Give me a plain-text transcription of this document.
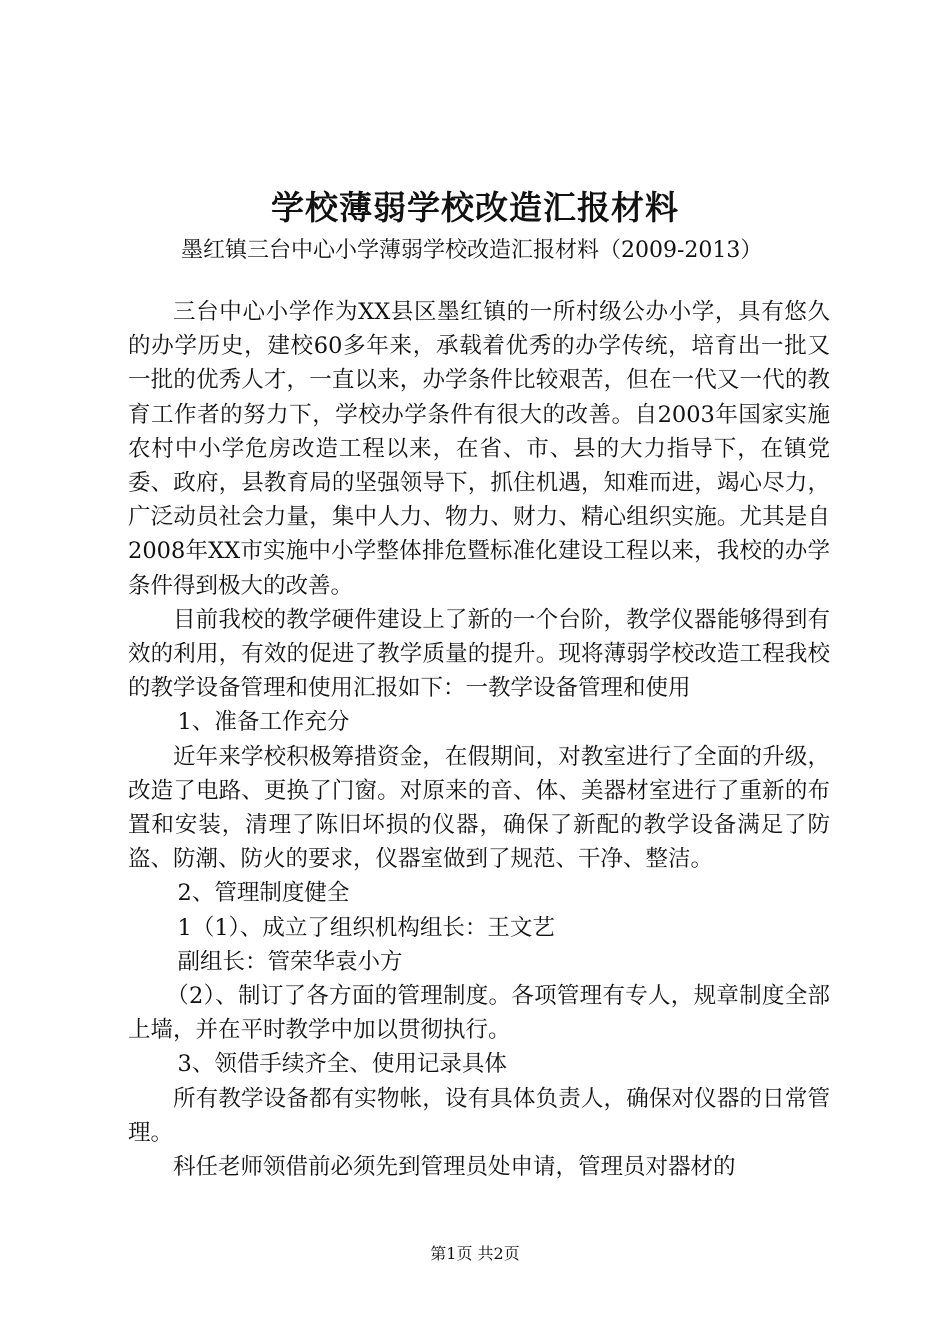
学校薄弱学校改造汇报材料
墨红镇三台中心小学薄弱学校改造汇报材料（2009-2013）

三台中心小学作为XX县区墨红镇的一所村级公办小学，具有悠久的办学历史，建校60多年来，承载着优秀的办学传统，培育出一批又一批的优秀人才，一直以来，办学条件比较艰苦，但在一代又一代的教育工作者的努力下，学校办学条件有很大的改善。自2003年国家实施农村中小学危房改造工程以来，在省、市、县的大力指导下，在镇党委、政府，县教育局的坚强领导下，抓住机遇，知难而进，竭心尽力，广泛动员社会力量，集中人力、物力、财力、精心组织实施。尤其是自2008年XX市实施中小学整体排危暨标准化建设工程以来，我校的办学条件得到极大的改善。

目前我校的教学硬件建设上了新的一个台阶，教学仪器能够得到有效的利用，有效的促进了教学质量的提升。现将薄弱学校改造工程我校的教学设备管理和使用汇报如下：一教学设备管理和使用

1、准备工作充分

近年来学校积极筹措资金，在假期间，对教室进行了全面的升级，改造了电路、更换了门窗。对原来的音、体、美器材室进行了重新的布置和安装，清理了陈旧坏损的仪器，确保了新配的教学设备满足了防盗、防潮、防火的要求，仪器室做到了规范、干净、整洁。

2、管理制度健全

1（1）、成立了组织机构组长：王文艺

副组长：管荣华袁小方

（2）、制订了各方面的管理制度。各项管理有专人，规章制度全部上墙，并在平时教学中加以贯彻执行。

3、领借手续齐全、使用记录具体

所有教学设备都有实物帐，设有具体负责人，确保对仪器的日常管理。

科任老师领借前必须先到管理员处申请，管理员对器材的

第1页 共2页
